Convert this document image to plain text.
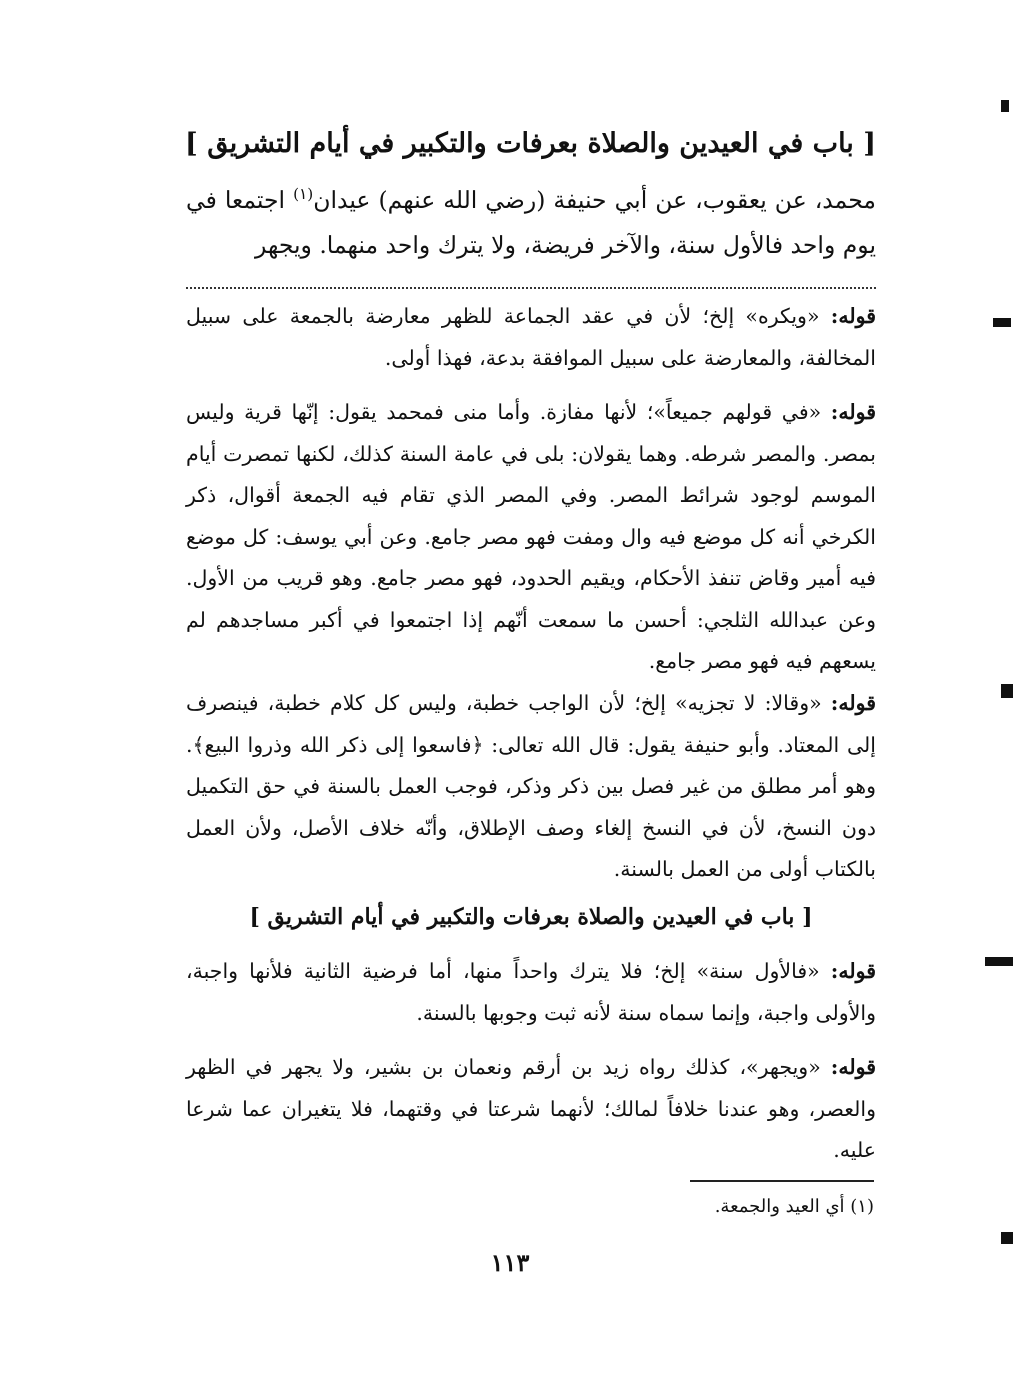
[ باب في العيدين والصلاة بعرفات والتكبير في أيام التشريق ]
محمد، عن يعقوب، عن أبي حنيفة (رضي الله عنهم) عيدان$^{(١)}$ اجتمعا في يوم واحد فالأول سنة، والآخر فريضة، ولا يترك واحد منهما. ويجهر
قوله: «ويكره» إلخ؛ لأن في عقد الجماعة للظهر معارضة بالجمعة على سبيل المخالفة، والمعارضة على سبيل الموافقة بدعة، فهذا أولى.
قوله: «في قولهم جميعاً»؛ لأنها مفازة. وأما منى فمحمد يقول: إنّها قرية وليس بمصر. والمصر شرطه. وهما يقولان: بلى في عامة السنة كذلك، لكنها تمصرت أيام الموسم لوجود شرائط المصر. وفي المصر الذي تقام فيه الجمعة أقوال، ذكر الكرخي أنه كل موضع فيه وال ومفت فهو مصر جامع. وعن أبي يوسف: كل موضع فيه أمير وقاض تنفذ الأحكام، ويقيم الحدود، فهو مصر جامع. وهو قريب من الأول. وعن عبدالله الثلجي: أحسن ما سمعت أنّهم إذا اجتمعوا في أكبر مساجدهم لم يسعهم فيه فهو مصر جامع.
قوله: «وقالا: لا تجزيه» إلخ؛ لأن الواجب خطبة، وليس كل كلام خطبة، فينصرف إلى المعتاد. وأبو حنيفة يقول: قال الله تعالى: ﴿فاسعوا إلى ذكر الله وذروا البيع﴾. وهو أمر مطلق من غير فصل بين ذكر وذكر، فوجب العمل بالسنة في حق التكميل دون النسخ، لأن في النسخ إلغاء وصف الإطلاق، وأنّه خلاف الأصل، ولأن العمل بالكتاب أولى من العمل بالسنة.
[ باب في العيدين والصلاة بعرفات والتكبير في أيام التشريق ]
قوله: «فالأول سنة» إلخ؛ فلا يترك واحداً منها، أما فرضية الثانية فلأنها واجبة، والأولى واجبة، وإنما سماه سنة لأنه ثبت وجوبها بالسنة.
قوله: «ويجهر»، كذلك رواه زيد بن أرقم ونعمان بن بشير، ولا يجهر في الظهر والعصر، وهو عندنا خلافاً لمالك؛ لأنهما شرعتا في وقتهما، فلا يتغيران عما شرعا عليه.
(١) أي العيد والجمعة.
١١٣
